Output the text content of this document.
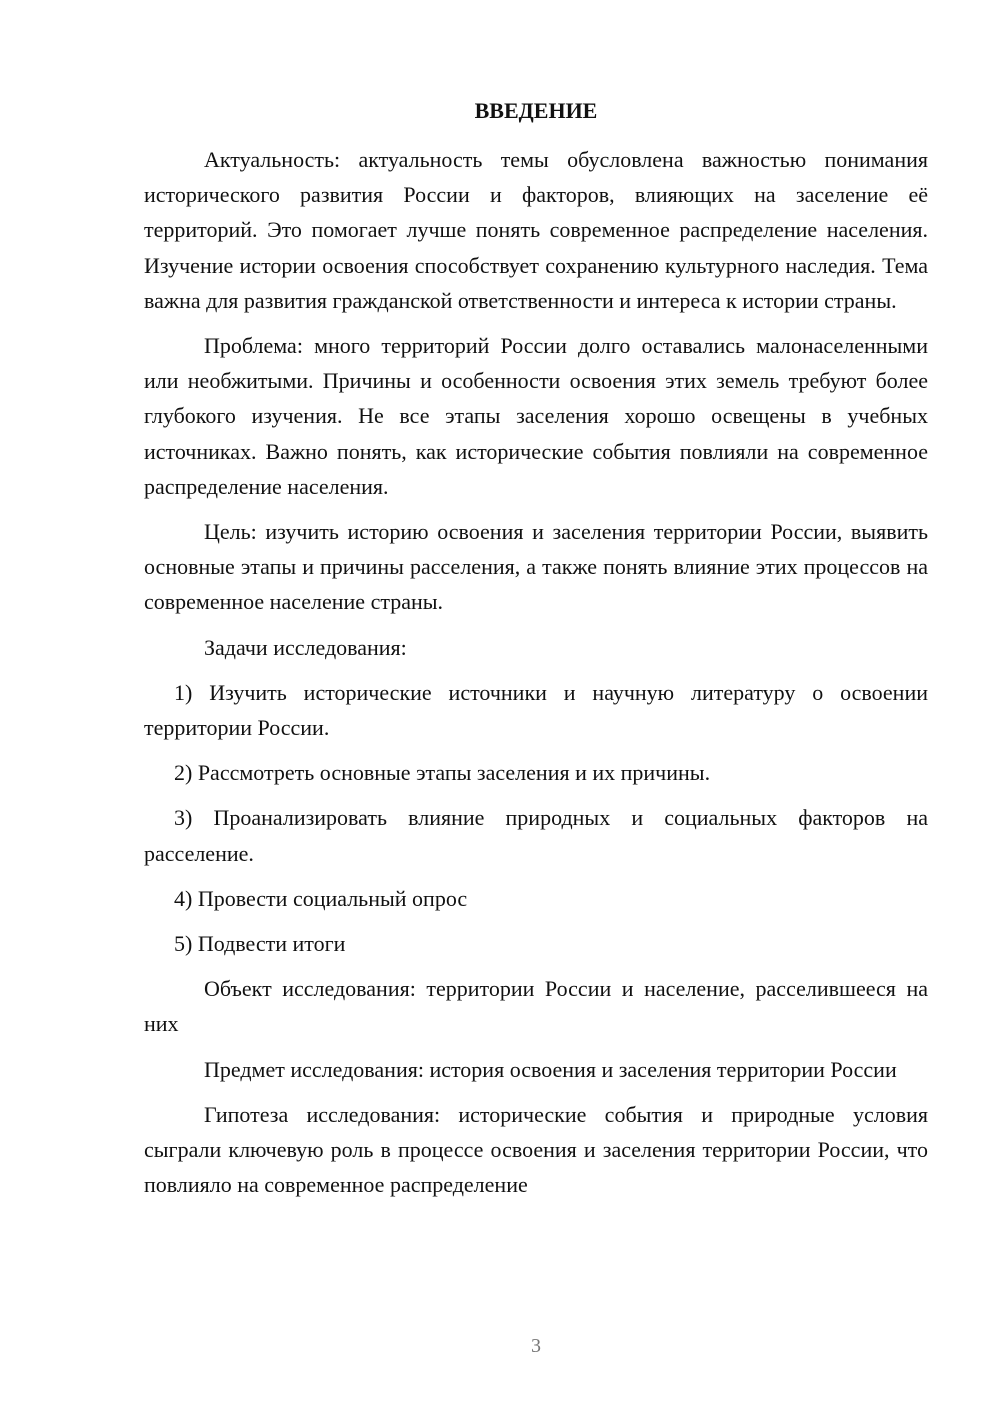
ВВЕДЕНИЕ

Актуальность: актуальность темы обусловлена важностью понимания исторического развития России и факторов, влияющих на заселение её территорий. Это помогает лучше понять современное распределение населения. Изучение истории освоения способствует сохранению культурного наследия. Тема важна для развития гражданской ответственности и интереса к истории страны.

Проблема: много территорий России долго оставались малонаселенными или необжитыми. Причины и особенности освоения этих земель требуют более глубокого изучения. Не все этапы заселения хорошо освещены в учебных источниках. Важно понять, как исторические события повлияли на современное распределение населения.

Цель: изучить историю освоения и заселения территории России, выявить основные этапы и причины расселения, а также понять влияние этих процессов на современное население страны.

Задачи исследования:

1) Изучить исторические источники и научную литературу о освоении территории России.

2) Рассмотреть основные этапы заселения и их причины.

3) Проанализировать влияние природных и социальных факторов на расселение.

4) Провести социальный опрос

5) Подвести итоги

Объект исследования: территории России и население, расселившееся на них

Предмет исследования: история освоения и заселения территории России

Гипотеза исследования: исторические события и природные условия сыграли ключевую роль в процессе освоения и заселения территории России, что повлияло на современное распределение

3
